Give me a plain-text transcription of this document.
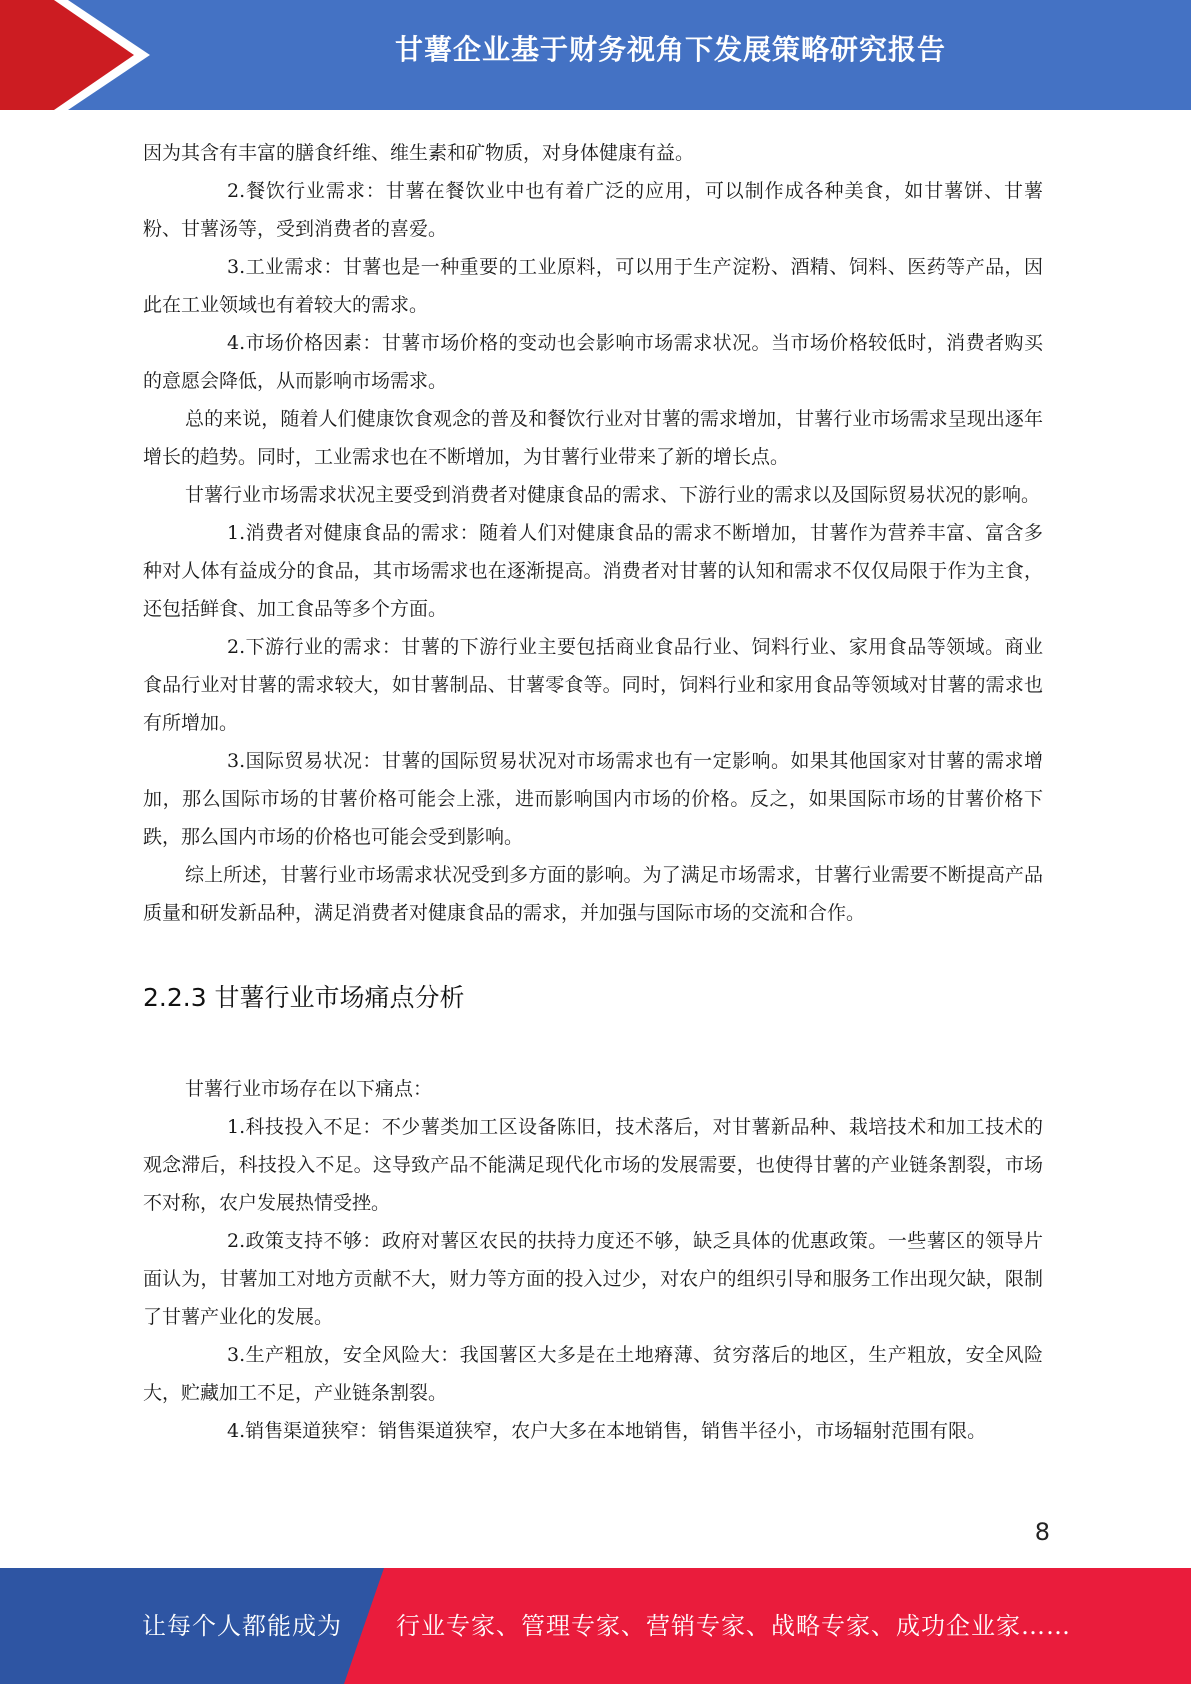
甘薯企业基于财务视角下发展策略研究报告

因为其含有丰富的膳食纤维、维生素和矿物质，对身体健康有益。

2.餐饮行业需求：甘薯在餐饮业中也有着广泛的应用，可以制作成各种美食，如甘薯饼、甘薯粉、甘薯汤等，受到消费者的喜爱。

3.工业需求：甘薯也是一种重要的工业原料，可以用于生产淀粉、酒精、饲料、医药等产品，因此在工业领域也有着较大的需求。

4.市场价格因素：甘薯市场价格的变动也会影响市场需求状况。当市场价格较低时，消费者购买的意愿会降低，从而影响市场需求。

总的来说，随着人们健康饮食观念的普及和餐饮行业对甘薯的需求增加，甘薯行业市场需求呈现出逐年增长的趋势。同时，工业需求也在不断增加，为甘薯行业带来了新的增长点。

甘薯行业市场需求状况主要受到消费者对健康食品的需求、下游行业的需求以及国际贸易状况的影响。

1.消费者对健康食品的需求：随着人们对健康食品的需求不断增加，甘薯作为营养丰富、富含多种对人体有益成分的食品，其市场需求也在逐渐提高。消费者对甘薯的认知和需求不仅仅局限于作为主食，还包括鲜食、加工食品等多个方面。

2.下游行业的需求：甘薯的下游行业主要包括商业食品行业、饲料行业、家用食品等领域。商业食品行业对甘薯的需求较大，如甘薯制品、甘薯零食等。同时，饲料行业和家用食品等领域对甘薯的需求也有所增加。

3.国际贸易状况：甘薯的国际贸易状况对市场需求也有一定影响。如果其他国家对甘薯的需求增加，那么国际市场的甘薯价格可能会上涨，进而影响国内市场的价格。反之，如果国际市场的甘薯价格下跌，那么国内市场的价格也可能会受到影响。

综上所述，甘薯行业市场需求状况受到多方面的影响。为了满足市场需求，甘薯行业需要不断提高产品质量和研发新品种，满足消费者对健康食品的需求，并加强与国际市场的交流和合作。

2.2.3 甘薯行业市场痛点分析

甘薯行业市场存在以下痛点：

1.科技投入不足：不少薯类加工区设备陈旧，技术落后，对甘薯新品种、栽培技术和加工技术的观念滞后，科技投入不足。这导致产品不能满足现代化市场的发展需要，也使得甘薯的产业链条割裂，市场不对称，农户发展热情受挫。

2.政策支持不够：政府对薯区农民的扶持力度还不够，缺乏具体的优惠政策。一些薯区的领导片面认为，甘薯加工对地方贡献不大，财力等方面的投入过少，对农户的组织引导和服务工作出现欠缺，限制了甘薯产业化的发展。

3.生产粗放，安全风险大：我国薯区大多是在土地瘠薄、贫穷落后的地区，生产粗放，安全风险大，贮藏加工不足，产业链条割裂。

4.销售渠道狭窄：销售渠道狭窄，农户大多在本地销售，销售半径小，市场辐射范围有限。

8
让每个人都能成为 行业专家、管理专家、营销专家、战略专家、成功企业家……
